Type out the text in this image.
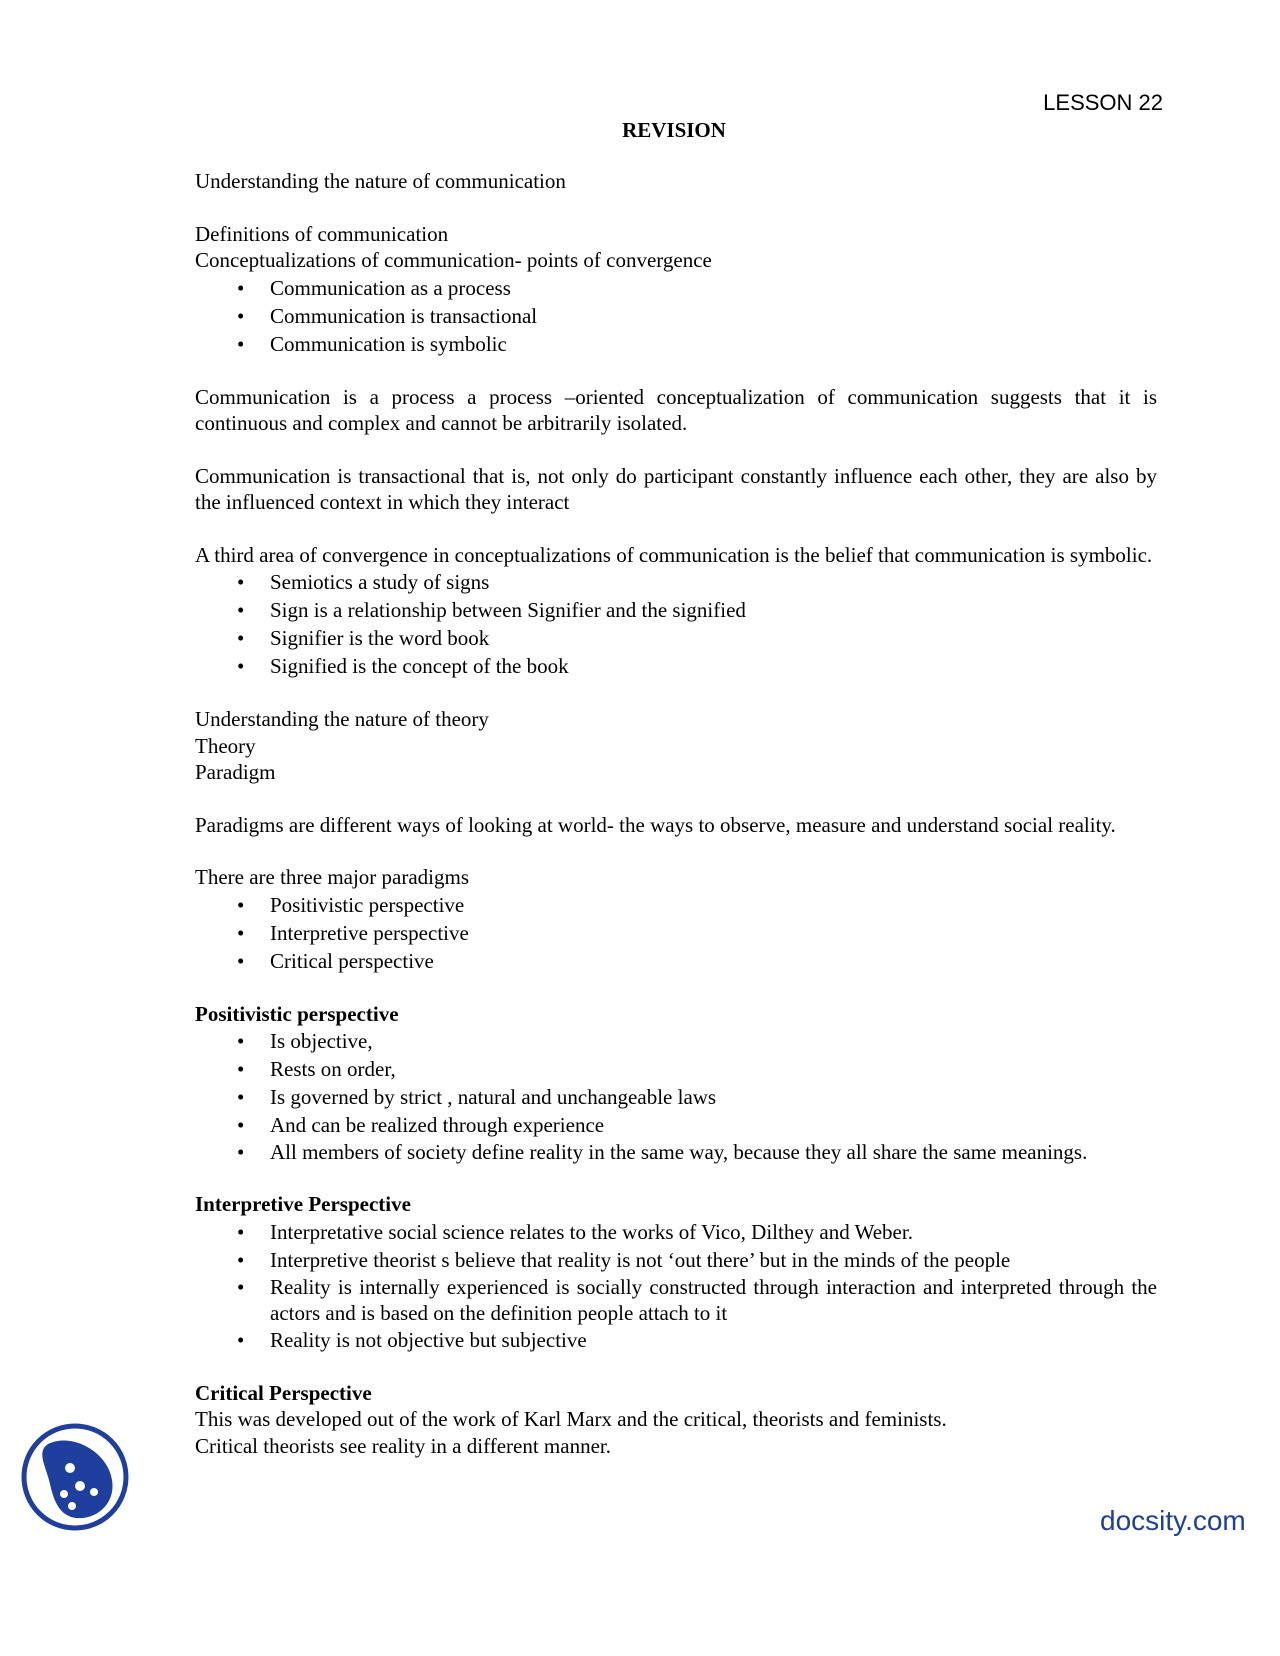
LESSON 22
REVISION

Understanding the nature of communication

Definitions of communication

Conceptualizations of communication- points of convergence

• Communication as a process
• Communication is transactional
• Communication is symbolic

Communication is a process a process –oriented conceptualization of communication suggests that it is continuous and complex and cannot be arbitrarily isolated.

Communication is transactional that is, not only do participant constantly influence each other, they are also by the influenced context in which they interact

A third area of convergence in conceptualizations of communication is the belief that communication is symbolic.

• Semiotics a study of signs
• Sign is a relationship between Signifier and the signified
• Signifier is the word book
• Signified is the concept of the book

Understanding the nature of theory

Theory

Paradigm

Paradigms are different ways of looking at world- the ways to observe, measure and understand social reality.

There are three major paradigms

• Positivistic perspective
• Interpretive perspective
• Critical perspective

Positivistic perspective

• Is objective,
• Rests on order,
• Is governed by strict , natural and unchangeable laws
• And can be realized through experience
• All members of society define reality in the same way, because they all share the same meanings.

Interpretive Perspective

• Interpretative social science relates to the works of Vico, Dilthey and Weber.
• Interpretive theorist s believe that reality is not ‘out there’ but in the minds of the people
• Reality is internally experienced is socially constructed through interaction and interpreted through the actors and is based on the definition people attach to it
• Reality is not objective but subjective

Critical Perspective

This was developed out of the work of Karl Marx and the critical, theorists and feminists.

Critical theorists see reality in a different manner.

docsity.com
